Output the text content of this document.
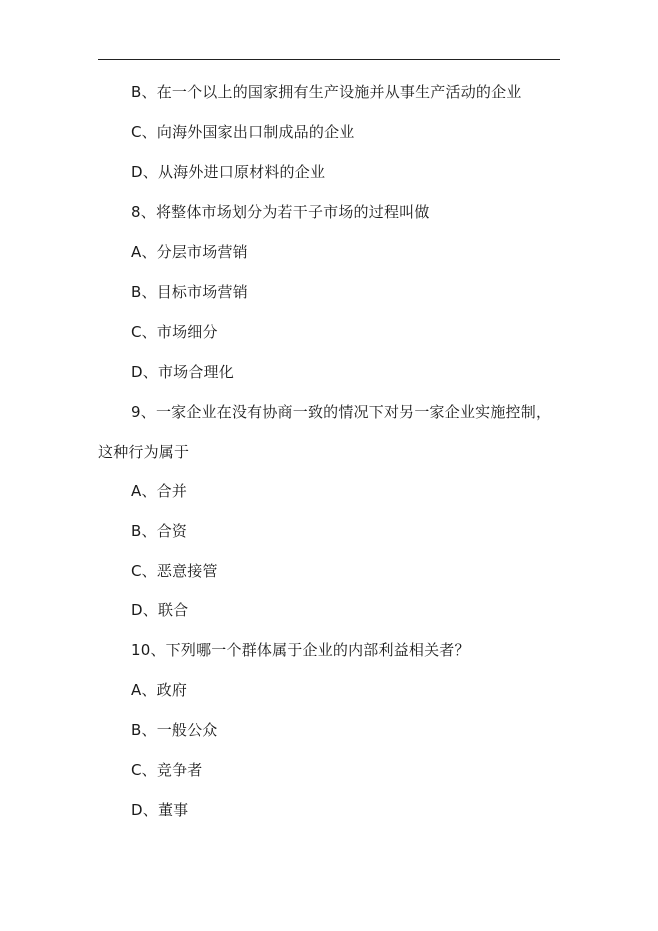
B、在一个以上的国家拥有生产设施并从事生产活动的企业
C、向海外国家出口制成品的企业
D、从海外进口原材料的企业
8、将整体市场划分为若干子市场的过程叫做
A、分层市场营销
B、目标市场营销
C、市场细分
D、市场合理化
9、一家企业在没有协商一致的情况下对另一家企业实施控制，
这种行为属于
A、合并
B、合资
C、恶意接管
D、联合
10、下列哪一个群体属于企业的内部利益相关者？
A、政府
B、一般公众
C、竞争者
D、董事
